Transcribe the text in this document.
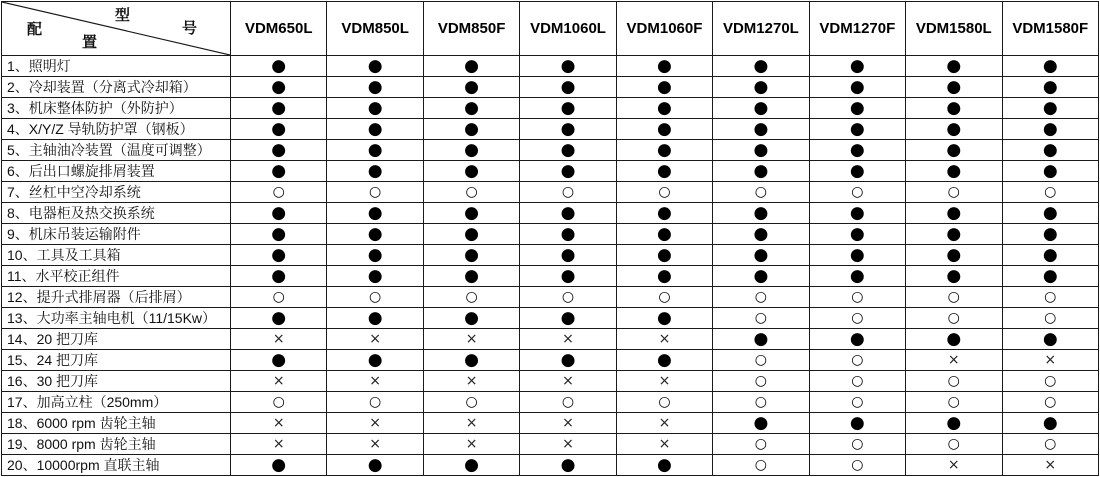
型
号
配
置	VDM650L	VDM850L	VDM850F	VDM1060L	VDM1060F	VDM1270L	VDM1270F	VDM1580L	VDM1580F
1、照明灯	●	●	●	●	●	●	●	●	●
2、冷却装置（分离式冷却箱）	●	●	●	●	●	●	●	●	●
3、机床整体防护（外防护）	●	●	●	●	●	●	●	●	●
4、X/Y/Z 导轨防护罩（钢板）	●	●	●	●	●	●	●	●	●
5、主轴油冷装置（温度可调整）	●	●	●	●	●	●	●	●	●
6、后出口螺旋排屑装置	●	●	●	●	●	●	●	●	●
7、丝杠中空冷却系统	○	○	○	○	○	○	○	○	○
8、电器柜及热交换系统	●	●	●	●	●	●	●	●	●
9、机床吊装运输附件	●	●	●	●	●	●	●	●	●
10、工具及工具箱	●	●	●	●	●	●	●	●	●
11、水平校正组件	●	●	●	●	●	●	●	●	●
12、提升式排屑器（后排屑）	○	○	○	○	○	○	○	○	○
13、大功率主轴电机（11/15Kw）	●	●	●	●	●	○	○	○	○
14、20 把刀库	×	×	×	×	×	●	●	●	●
15、24 把刀库	●	●	●	●	●	○	○	×	×
16、30 把刀库	×	×	×	×	×	○	○	○	○
17、加高立柱（250mm）	○	○	○	○	○	○	○	○	○
18、6000 rpm 齿轮主轴	×	×	×	×	×	●	●	●	●
19、8000 rpm 齿轮主轴	×	×	×	×	×	○	○	○	○
20、10000rpm 直联主轴	●	●	●	●	●	○	○	×	×
